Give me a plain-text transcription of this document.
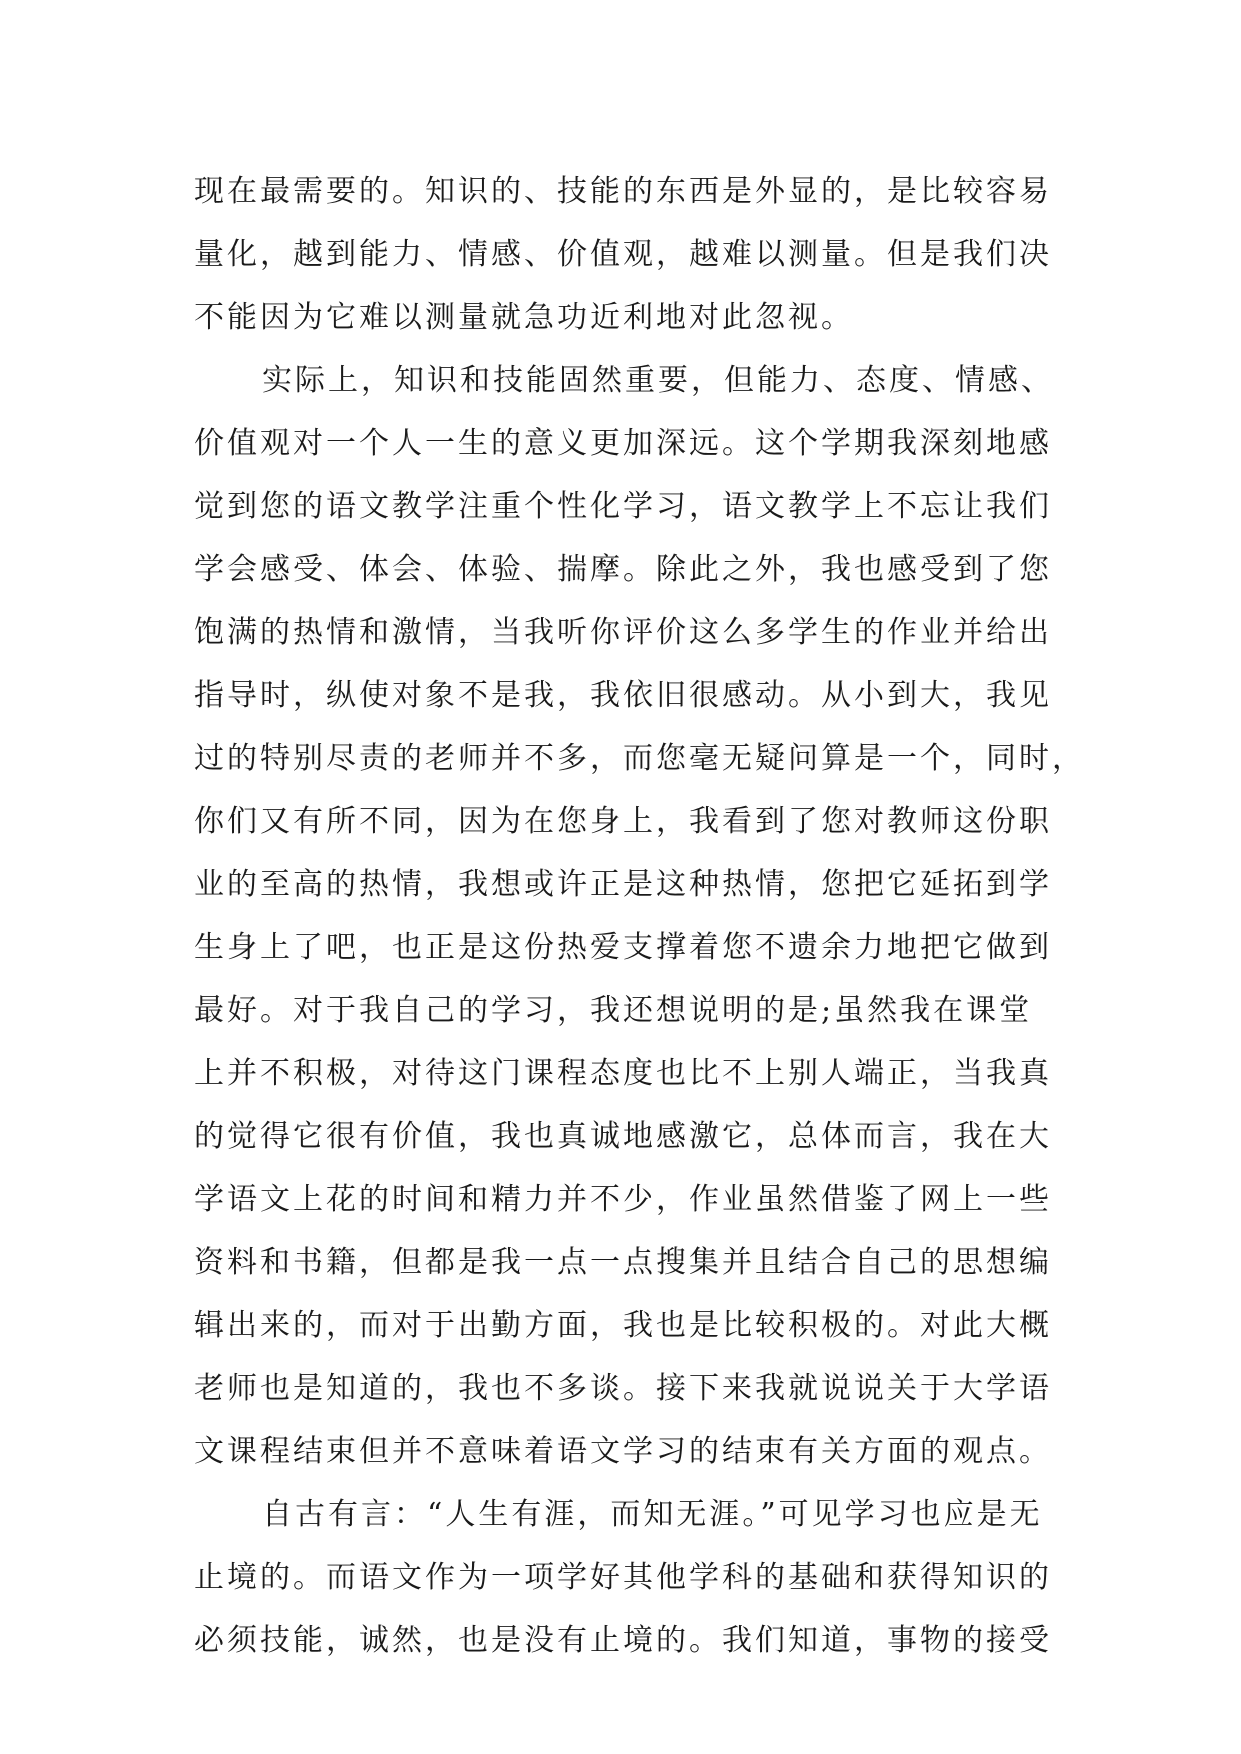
现在最需要的。知识的、技能的东西是外显的，是比较容易
量化，越到能力、情感、价值观，越难以测量。但是我们决
不能因为它难以测量就急功近利地对此忽视。
实际上，知识和技能固然重要，但能力、态度、情感、
价值观对一个人一生的意义更加深远。这个学期我深刻地感
觉到您的语文教学注重个性化学习，语文教学上不忘让我们
学会感受、体会、体验、揣摩。除此之外，我也感受到了您
饱满的热情和激情，当我听你评价这么多学生的作业并给出
指导时，纵使对象不是我，我依旧很感动。从小到大，我见
过的特别尽责的老师并不多，而您毫无疑问算是一个，同时，
你们又有所不同，因为在您身上，我看到了您对教师这份职
业的至高的热情，我想或许正是这种热情，您把它延拓到学
生身上了吧，也正是这份热爱支撑着您不遗余力地把它做到
最好。对于我自己的学习，我还想说明的是;虽然我在课堂
上并不积极，对待这门课程态度也比不上别人端正，当我真
的觉得它很有价值，我也真诚地感激它，总体而言，我在大
学语文上花的时间和精力并不少，作业虽然借鉴了网上一些
资料和书籍，但都是我一点一点搜集并且结合自己的思想编
辑出来的，而对于出勤方面，我也是比较积极的。对此大概
老师也是知道的，我也不多谈。接下来我就说说关于大学语
文课程结束但并不意味着语文学习的结束有关方面的观点。
自古有言：“人生有涯，而知无涯。”可见学习也应是无
止境的。而语文作为一项学好其他学科的基础和获得知识的
必须技能，诚然，也是没有止境的。我们知道，事物的接受
